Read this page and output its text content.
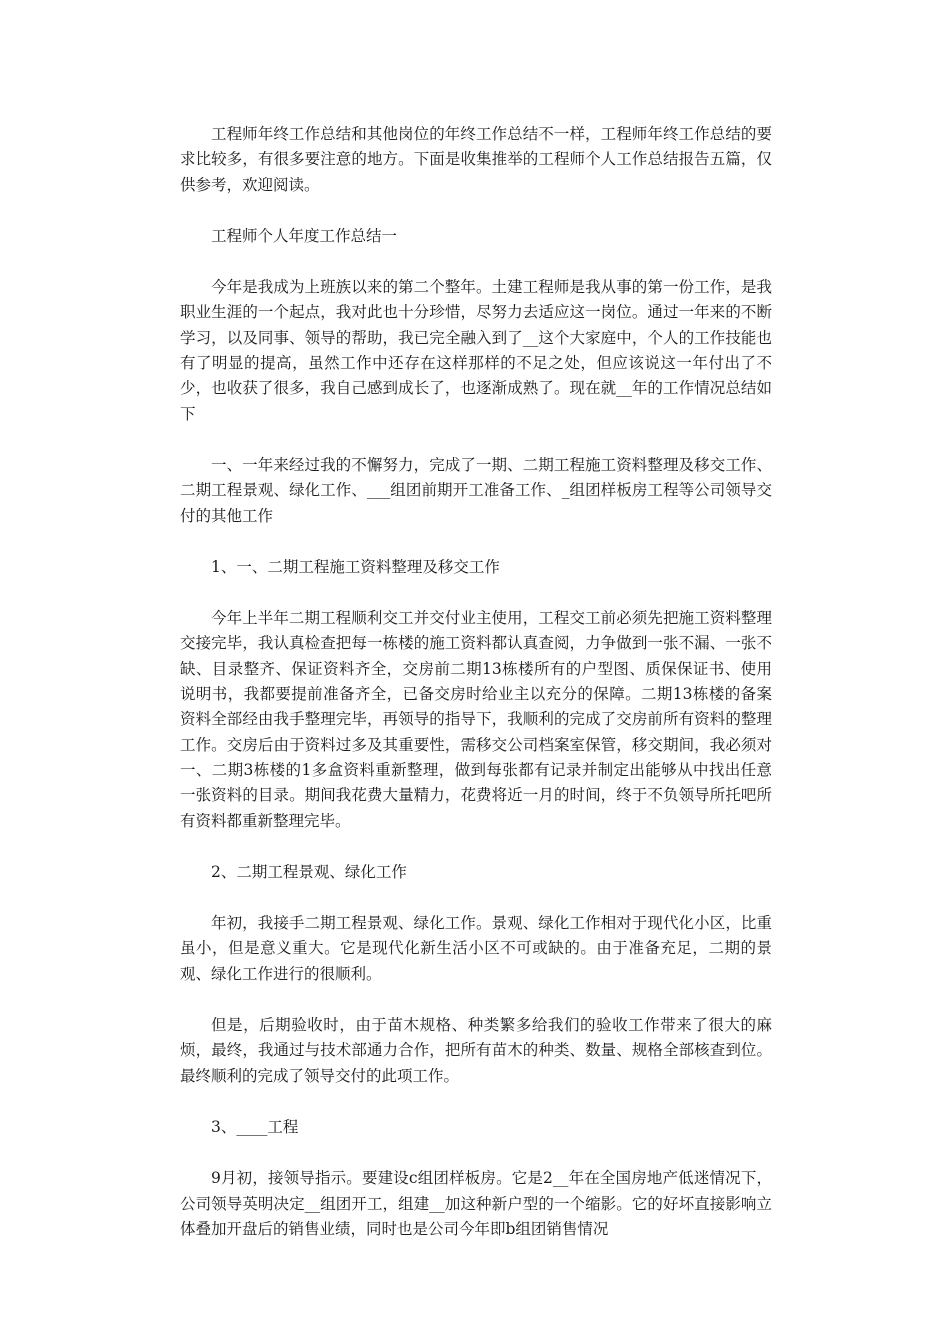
工程师年终工作总结和其他岗位的年终工作总结不一样，工程师年终工作总结的要求比较多，有很多要注意的地方。下面是收集推举的工程师个人工作总结报告五篇，仅供参考，欢迎阅读。

工程师个人年度工作总结一

今年是我成为上班族以来的第二个整年。土建工程师是我从事的第一份工作，是我职业生涯的一个起点，我对此也十分珍惜，尽努力去适应这一岗位。通过一年来的不断学习，以及同事、领导的帮助，我已完全融入到了__这个大家庭中，个人的工作技能也有了明显的提高，虽然工作中还存在这样那样的不足之处，但应该说这一年付出了不少，也收获了很多，我自己感到成长了，也逐渐成熟了。现在就__年的工作情况总结如下

一、一年来经过我的不懈努力，完成了一期、二期工程施工资料整理及移交工作、二期工程景观、绿化工作、___组团前期开工准备工作、_组团样板房工程等公司领导交付的其他工作

1、一、二期工程施工资料整理及移交工作

今年上半年二期工程顺利交工并交付业主使用，工程交工前必须先把施工资料整理交接完毕，我认真检查把每一栋楼的施工资料都认真查阅，力争做到一张不漏、一张不缺、目录整齐、保证资料齐全，交房前二期13栋楼所有的户型图、质保保证书、使用说明书，我都要提前准备齐全，已备交房时给业主以充分的保障。二期13栋楼的备案资料全部经由我手整理完毕，再领导的指导下，我顺利的完成了交房前所有资料的整理工作。交房后由于资料过多及其重要性，需移交公司档案室保管，移交期间，我必须对一、二期3栋楼的1多盒资料重新整理，做到每张都有记录并制定出能够从中找出任意一张资料的目录。期间我花费大量精力，花费将近一月的时间，终于不负领导所托吧所有资料都重新整理完毕。

2、二期工程景观、绿化工作

年初，我接手二期工程景观、绿化工作。景观、绿化工作相对于现代化小区，比重虽小，但是意义重大。它是现代化新生活小区不可或缺的。由于准备充足，二期的景观、绿化工作进行的很顺利。

但是，后期验收时，由于苗木规格、种类繁多给我们的验收工作带来了很大的麻烦，最终，我通过与技术部通力合作，把所有苗木的种类、数量、规格全部核查到位。最终顺利的完成了领导交付的此项工作。

3、____工程

9月初，接领导指示。要建设c组团样板房。它是2__年在全国房地产低迷情况下，公司领导英明决定__组团开工，组建__加这种新户型的一个缩影。它的好坏直接影响立体叠加开盘后的销售业绩，同时也是公司今年即b组团销售情况
